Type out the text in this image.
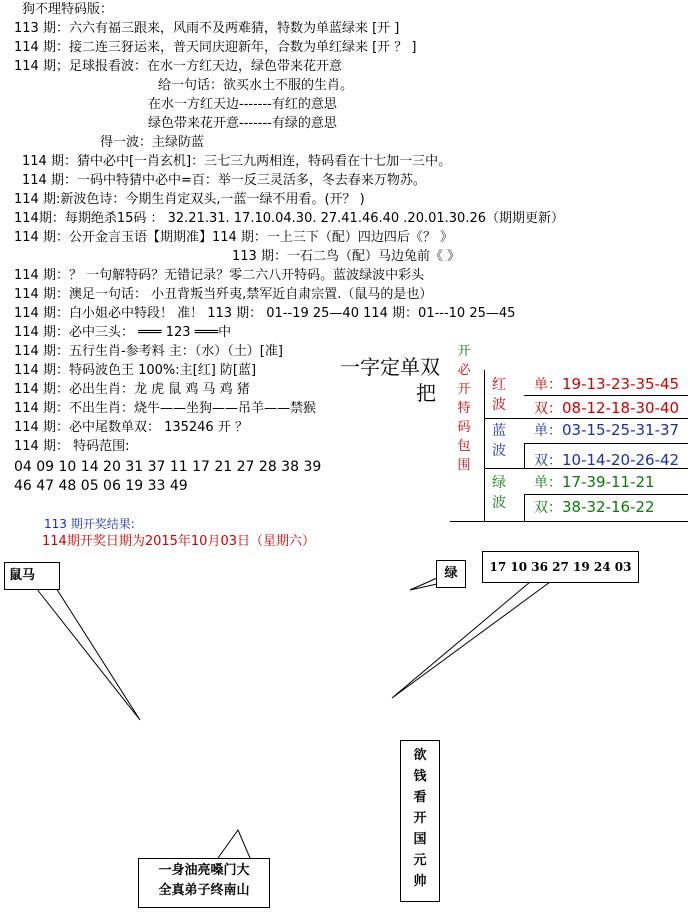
狗不理特码版：
113 期：六六有福三跟来，风雨不及两难猜，特数为单蓝绿来 [开 ]
114 期：接二连三犽运来，普天同庆迎新年，合数为单红绿来 [开 ？ ]
114 期；足球报看波：在水一方红天边，绿色带来花开意
给一句话：欲买水土不服的生肖。
在水一方红天边-------有红的意思
绿色带来花开意-------有绿的意思
得一波：主绿防蓝
114 期：猜中必中[一肖玄机]：三七三九两相连，特码看在十七加一三中。
114 期：一码中特猜中必中=百：举一反三灵活多，冬去春来万物苏。
114 期:新波色诗：今期生肖定双头,一蓝一绿不用看。(开？ )
114期：每期绝杀15码 ： 32.21.31. 17.10.04.30. 27.41.46.40 .20.01.30.26（期期更新）
114 期：公开金言玉语【期期准】114 期：一上三下（配）四边四后《？ 》
113 期：一石二鸟（配）马边兔前《 》
114 期：？ 一句解特码？无错记录？零二六八开特码。蓝波绿波中彩头
114 期：澳足一句话： 小丑背叛当歼夷,禁军近自肃宗置.（鼠马的是也）
114 期：白小姐必中特段！ 准！ 113 期： 01--19 25—40 114 期：01---10 25—45
114 期：必中三头： ═══ 123 ═══中
114 期：五行生肖-参考料 主：（水）（土）[准]
114 期：特码波色王 100%:主[红] 防[蓝]
114 期：必出生肖：龙 虎 鼠 鸡 马 鸡 猪
114 期：不出生肖：烧牛——坐狗——吊羊——禁猴
114 期：必中尾数单双： 135246 开 ？
114 期： 特码范围:
04 09 10 14 20 31 37 11 17 21 27 28 38 39
46 47 48 05 06 19 33 49
113 期开奖结果:
114期开奖日期为2015年10月03日（星期六）
一字定单双
把
开
必
开
特
码
包
围
红
波
蓝
波
绿
波
单：19-13-23-35-45
双：08-12-18-30-40
单：03-15-25-31-37
双：10-14-20-26-42
单：17-39-11-21
双：38-32-16-22
鼠马	绿	17 10 36 27 19 24 03
欲
钱
看
开
国
元
帅
一身油亮嗓门大
全真弟子终南山
